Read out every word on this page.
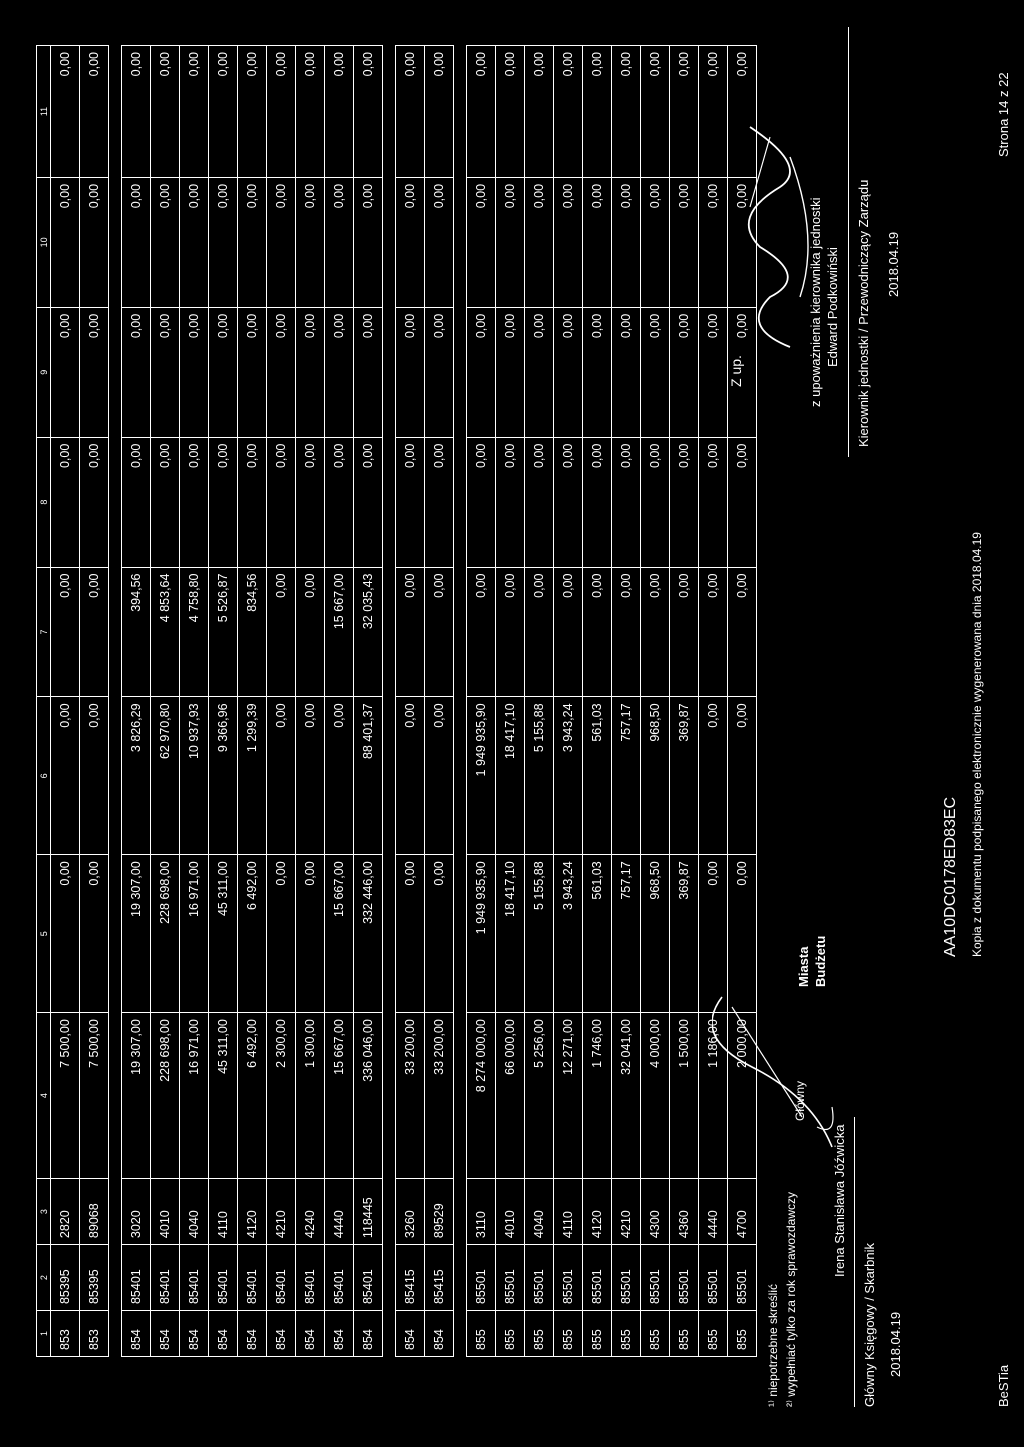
1	2	3	4	5	6	7	8	9	10	11
853	85395	2820	7 500,00	0,00	0,00	0,00	0,00	0,00	0,00	0,00
853	85395	89068	7 500,00	0,00	0,00	0,00	0,00	0,00	0,00	0,00

854	85401	3020	19 307,00	19 307,00	3 826,29	394,56	0,00	0,00	0,00	0,00
854	85401	4010	228 698,00	228 698,00	62 970,80	4 853,64	0,00	0,00	0,00	0,00
854	85401	4040	16 971,00	16 971,00	10 937,93	4 758,80	0,00	0,00	0,00	0,00
854	85401	4110	45 311,00	45 311,00	9 366,96	5 526,87	0,00	0,00	0,00	0,00
854	85401	4120	6 492,00	6 492,00	1 299,39	834,56	0,00	0,00	0,00	0,00
854	85401	4210	2 300,00	0,00	0,00	0,00	0,00	0,00	0,00	0,00
854	85401	4240	1 300,00	0,00	0,00	0,00	0,00	0,00	0,00	0,00
854	85401	4440	15 667,00	15 667,00	0,00	15 667,00	0,00	0,00	0,00	0,00
854	85401	118445	336 046,00	332 446,00	88 401,37	32 035,43	0,00	0,00	0,00	0,00

854	85415	3260	33 200,00	0,00	0,00	0,00	0,00	0,00	0,00	0,00
854	85415	89529	33 200,00	0,00	0,00	0,00	0,00	0,00	0,00	0,00

855	85501	3110	8 274 000,00	1 949 935,90	1 949 935,90	0,00	0,00	0,00	0,00	0,00
855	85501	4010	66 000,00	18 417,10	18 417,10	0,00	0,00	0,00	0,00	0,00
855	85501	4040	5 256,00	5 155,88	5 155,88	0,00	0,00	0,00	0,00	0,00
855	85501	4110	12 271,00	3 943,24	3 943,24	0,00	0,00	0,00	0,00	0,00
855	85501	4120	1 746,00	561,03	561,03	0,00	0,00	0,00	0,00	0,00
855	85501	4210	32 041,00	757,17	757,17	0,00	0,00	0,00	0,00	0,00
855	85501	4300	4 000,00	968,50	968,50	0,00	0,00	0,00	0,00	0,00
855	85501	4360	1 500,00	369,87	369,87	0,00	0,00	0,00	0,00	0,00
855	85501	4440	1 186,00	0,00	0,00	0,00	0,00	0,00	0,00	0,00
855	85501	4700	2 000,00	0,00	0,00	0,00	0,00	0,00	0,00	0,00
¹⁾ niepotrzebne skreślić ²⁾ wypełniać tylko za rok sprawozdawczy	Irena Stanisława Jóźwicka
Główny Księgowy / Skarbnik 2018.04.19
Główny
Miasta Budżetu
AA10DC0178ED83EC Kopia z dokumentu podpisanego elektronicznie wygenerowana dnia 2018.04.19
BeSTia
Strona 14 z 22
Z up.	z upoważnienia kierownika jednostki Edward Podkowiński Kierownik jednostki / Przewodniczący Zarządu 2018.04.19
